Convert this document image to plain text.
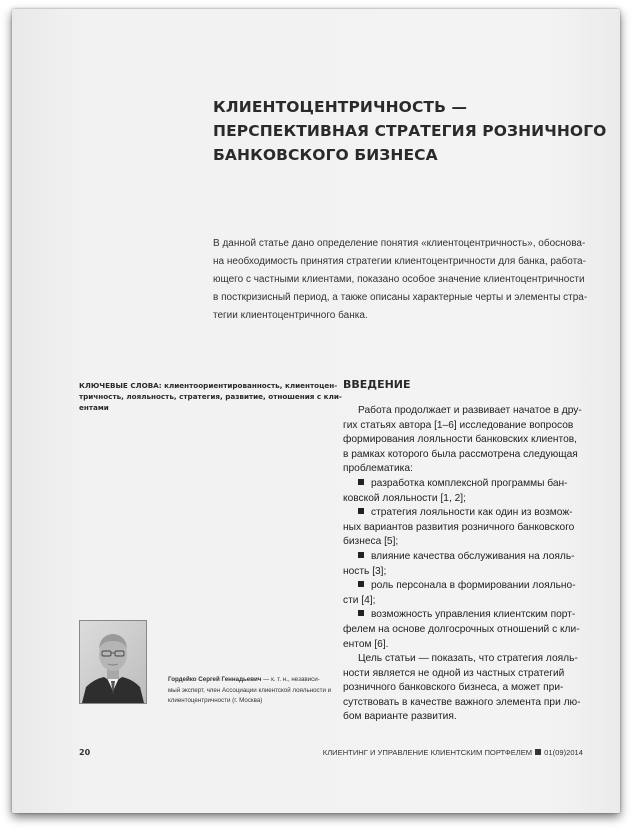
КЛИЕНТОЦЕНТРИЧНОСТЬ —
ПЕРСПЕКТИВНАЯ СТРАТЕГИЯ РОЗНИЧНОГО
БАНКОВСКОГО БИЗНЕСА
В данной статье дано определение понятия «клиентоцентричность», обоснова-
на необходимость принятия стратегии клиентоцентричности для банка, работа-
ющего с частными клиентами, показано особое значение клиентоцентричности
в посткризисный период, а также описаны характерные черты и элементы стра-
тегии клиентоцентричного банка.
КЛЮЧЕВЫЕ СЛОВА: клиентоориентированность, клиентоцен-
тричность, лояльность, стратегия, развитие, отношения с кли-
ентами
ВВЕДЕНИЕ
Работа продолжает и развивает начатое в дру-
гих статьях автора [1–6] исследование вопросов
формирования лояльности банковских клиентов,
в рамках которого была рассмотрена следующая
проблематика:
разработка комплексной программы бан-
ковской лояльности [1, 2];
стратегия лояльности как один из возмож-
ных вариантов развития розничного банковского
бизнеса [5];
влияние качества обслуживания на лояль-
ность [3];
роль персонала в формировании лояльно-
сти [4];
возможность управления клиентским порт-
фелем на основе долгосрочных отношений с кли-
ентом [6].
Цель статьи — показать, что стратегия лояль-
ности является не одной из частных стратегий
розничного банковского бизнеса, а может при-
сутствовать в качестве важного элемента при лю-
бом варианте развития.
Гордейко Сергей Геннадьевич — к. т. н., независи-
мый эксперт, член Ассоциации клиентской лояльности и
клиентоцентричности (г. Москва)
20	КЛИЕНТИНГ И УПРАВЛЕНИЕ КЛИЕНТСКИМ ПОРТФЕЛЕМ 01(09)2014
